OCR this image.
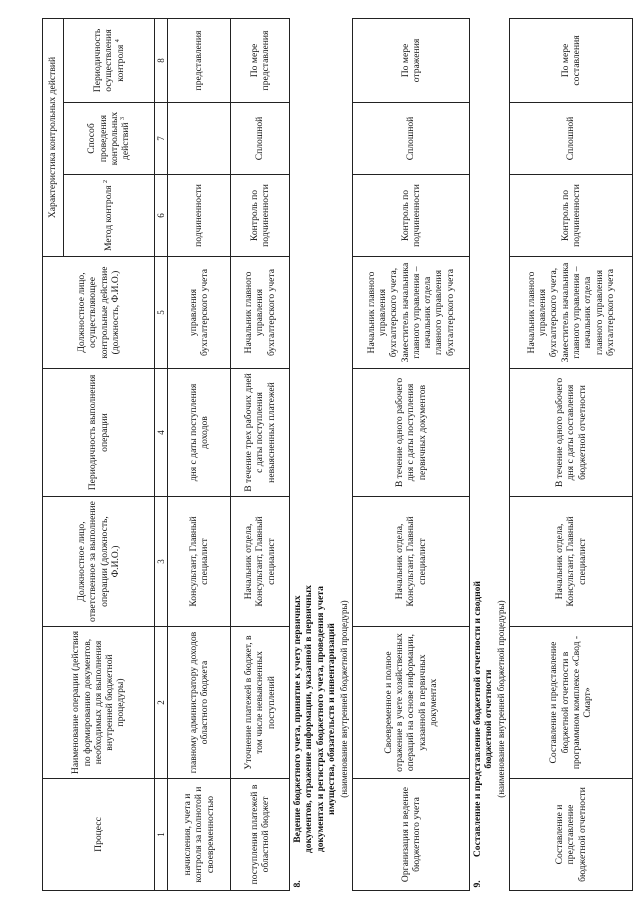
Процесс	Наименование операции (действия по формированию документов, необходимых для выполнения внутренней бюджетной процедуры)	Должностное лицо, ответственное за выполнение операции (должность, Ф.И.О.)	Периодичность выполнения операции	Должностное лицо, осуществляющее контрольные действие (должность, Ф.И.О.)	Характеристика контрольных действий		
					Метод контроля $^2$	Способ проведения контрольных действий $^3$	Периодичность осуществления контроля $^4$
1	2	3	4	5	6	7	8
начисления, учета и контроля за полнотой и своевременностью	главному администратору доходов областного бюджета	Консультант, Главный специалист	дня с даты поступления доходов	управления бухгалтерского учета	подчиненности		представления
поступления платежей в областной бюджет	Уточнение платежей в бюджет, в том числе невыясненных поступлений	Начальник отдела, Консультант, Главный специалист	В течение трех рабочих дней с даты поступления невыясненных платежей	Начальник главного управления бухгалтерского учета	Контроль по подчиненности	Сплошной	По мере представления
8. Ведение бюджетного учета, принятие к учету первичных документов, отражение информации, указанной в первичных документах и регистрах бюджетного учета, проведения учета имущества, обязательств и инвентаризаций (наименование внутренней бюджетной процедуры)							

Организация и ведение бюджетного учета	Своевременное и полное отражение в учете хозяйственных операций на основе информации, указанной в первичных документах	Начальник отдела, Консультант, Главный специалист	В течение одного рабочего дня с даты поступления первичных документов	Начальник главного управления бухгалтерского учета, Заместитель начальника главного управления – начальник отдела главного управления бухгалтерского учета	Контроль по подчиненности	Сплошной	По мере отражения
9. Составление и представление бюджетной отчетности и сводной бюджетной отчетности (наименование внутренней бюджетной процедуры)							

Составление и представление бюджетной отчетности	Составление и представление бюджетной отчетности в программном комплексе «Свод - Смарт»	Начальник отдела, Консультант, Главный специалист	В течение одного рабочего дня с даты составления бюджетной отчетности	Начальник главного управления бухгалтерского учета, Заместитель начальника главного управления – начальник отдела главного управления бухгалтерского учета	Контроль по подчиненности	Сплошной	По мере составления
